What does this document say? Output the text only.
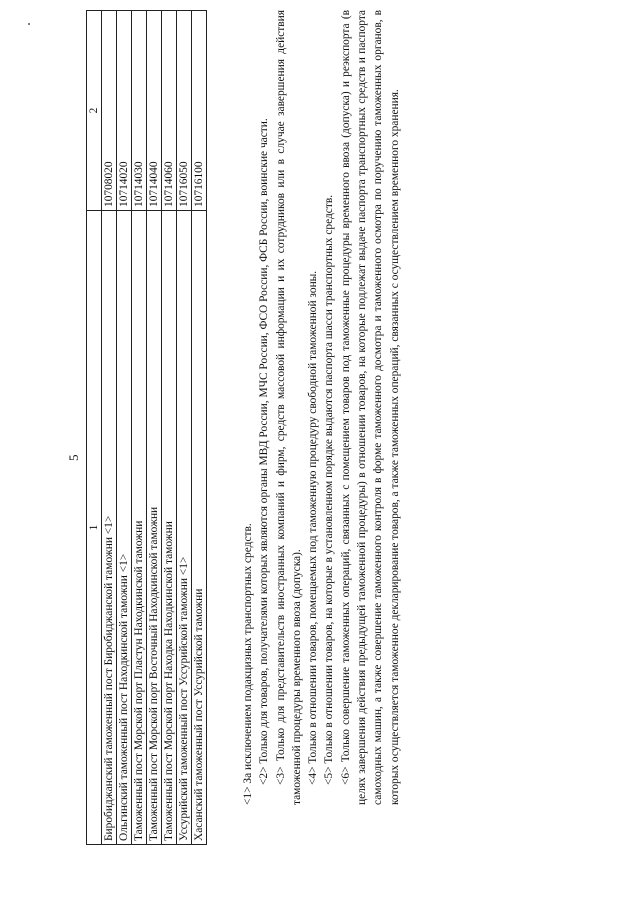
5
1	2
Биробиджанский таможенный пост Биробиджанской таможни <1>	10708020
Ольгинский таможенный пост Находкинской таможни <1>	10714020
Таможенный пост Морской порт Пластун Находкинской таможни	10714030
Таможенный пост Морской порт Восточный Находкинской таможни	10714040
Таможенный пост Морской порт Находка Находкинской таможни	10714060
Уссурийский таможенный пост Уссурийской таможни <1>	10716050
Хасанский таможенный пост Уссурийской таможни	10716100

<1> За исключением подакцизных транспортных средств. <2> Только для товаров, получателями которых являются органы МВД России, МЧС России, ФСО России, ФСБ России, воинские части. <3> Только для представительств иностранных компаний и фирм, средств массовой информации и их сотрудников или в случае завершения действия таможенной процедуры временного ввоза (допуска). <4> Только в отношении товаров, помещаемых под таможенную процедуру свободной таможенной зоны. <5> Только в отношении товаров, на которые в установленном порядке выдаются паспорта шасси транспортных средств. <6> Только совершение таможенных операций, связанных с помещением товаров под таможенные процедуры временного ввоза (допуска) и реэкспорта (в целях завершения действия предыдущей таможенной процедуры) в отношении товаров, на которые подлежат выдаче паспорта транспортных средств и паспорта самоходных машин, а также совершение таможенного контроля в форме таможенного досмотра и таможенного осмотра по поручению таможенных органов, в которых осуществляется таможенное декларирование товаров, а также таможенных операций, связанных с осуществлением временного хранения.
